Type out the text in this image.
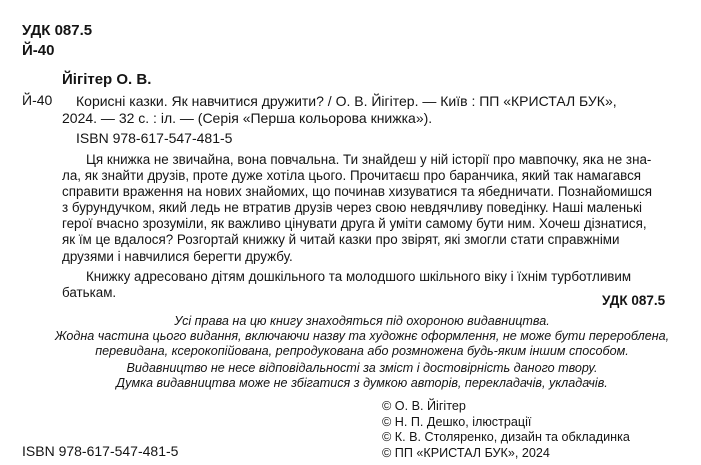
УДК 087.5
Й-40
Йігітер О. В.
Й-40 Корисні казки. Як навчитися дружити? / О. В. Йігітер. — Київ : ПП «КРИСТАЛ БУК»,
2024. — 32 с. : іл. — (Серія «Перша кольорова книжка»).
ISBN 978-617-547-481-5
Ця книжка не звичайна, вона повчальна. Ти знайдеш у ній історії про мавпочку, яка не зна-
ла, як знайти друзів, проте дуже хотіла цього. Прочитаєш про баранчика, який так намагався
справити враження на нових знайомих, що починав хизуватися та ябедничати. Познайомишся
з бурундучком, який ледь не втратив друзів через свою невдячливу поведінку. Наші маленькі
герої вчасно зрозуміли, як важливо цінувати друга й уміти самому бути ним. Хочеш дізнатися,
як їм це вдалося? Розгортай книжку й читай казки про звірят, які змогли стати справжніми
друзями і навчилися берегти дружбу.
Книжку адресовано дітям дошкільного та молодшого шкільного віку і їхнім турботливим
батькам.
УДК 087.5
Усі права на цю книгу знаходяться під охороною видавництва.
Жодна частина цього видання, включаючи назву та художнє оформлення, не може бути перероблена,
перевидана, ксерокопійована, репродукована або розмножена будь-яким іншим способом.
Видавництво не несе відповідальності за зміст і достовірність даного твору.
Думка видавництва може не збігатися з думкою авторів, перекладачів, укладачів.
© О. В. Йігітер
© Н. П. Дешко, ілюстрації
© К. В. Столяренко, дизайн та обкладинка
© ПП «КРИСТАЛ БУК», 2024
ISBN 978-617-547-481-5
